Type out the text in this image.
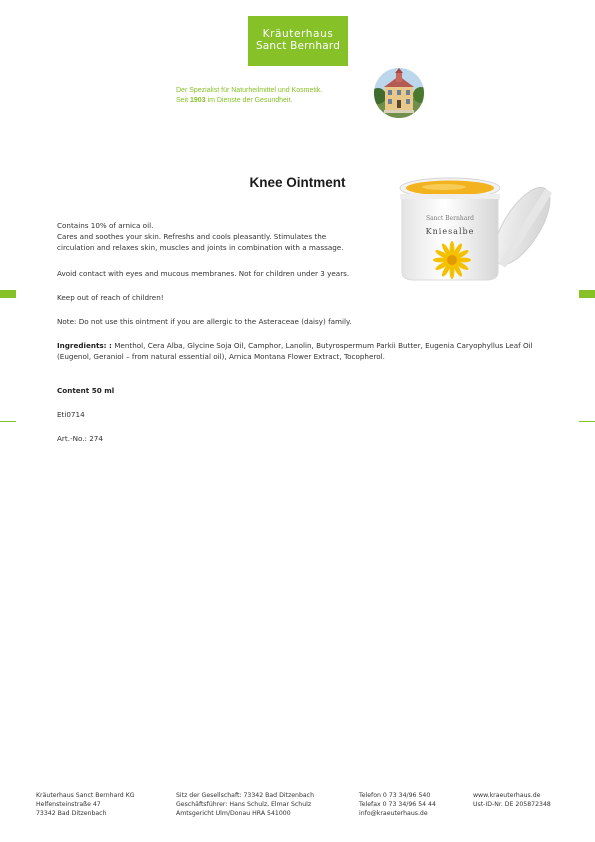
Kräuterhaus
Sanct Bernhard
Der Spezialist für Naturheilmittel und Kosmetik.
Seit 1903 im Dienste der Gesundheit.
Knee Ointment
Sanct Bernhard
Kniesalbe
Contains 10% of arnica oil.
Cares and soothes your skin. Refreshs and cools pleasantly. Stimulates the
circulation and relaxes skin, muscles and joints in combination with a massage.
Avoid contact with eyes and mucous membranes. Not for children under 3 years.
Keep out of reach of children!
Note: Do not use this ointment if you are allergic to the Asteraceae (daisy) family.
Ingredients: : Menthol, Cera Alba, Glycine Soja Oil, Camphor, Lanolin, Butyrospermum Parkii Butter, Eugenia Caryophyllus Leaf Oil
(Eugenol, Geraniol – from natural essential oil), Arnica Montana Flower Extract, Tocopherol.
Content 50 ml
Eti0714
Art.-No.: 274
Kräuterhaus Sanct Bernhard KG
Helfensteinstraße 47
73342 Bad Ditzenbach
Sitz der Gesellschaft: 73342 Bad Ditzenbach
Geschäftsführer: Hans Schulz, Elmar Schulz
Amtsgericht Ulm/Donau HRA 541000
Telefon 0 73 34/96 540
Telefax 0 73 34/96 54 44
info@kraeuterhaus.de
www.kraeuterhaus.de
Ust-ID-Nr. DE 205872348
